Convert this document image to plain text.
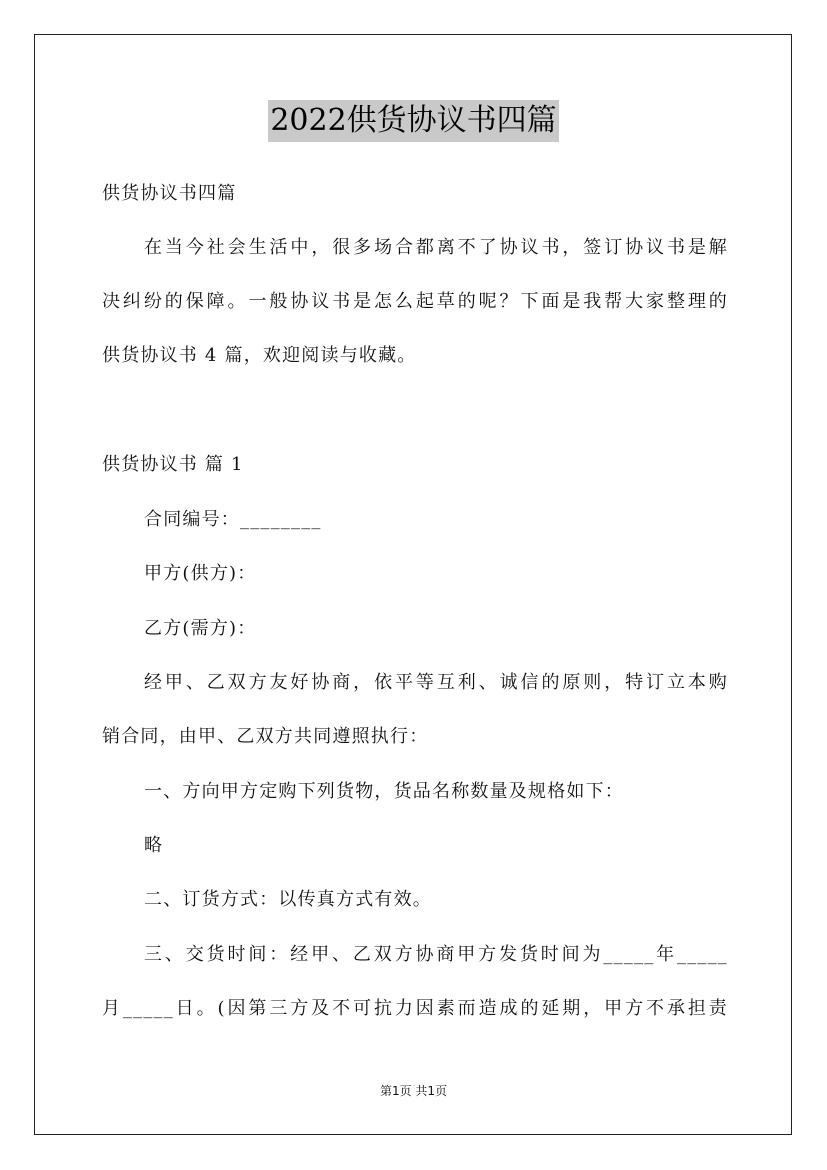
2022供货协议书四篇
供货协议书四篇
在当今社会生活中，很多场合都离不了协议书，签订协议书是解
决纠纷的保障。一般协议书是怎么起草的呢？下面是我帮大家整理的
供货协议书 4 篇，欢迎阅读与收藏。
供货协议书 篇 1
合同编号：________
甲方(供方)：
乙方(需方)：
经甲、乙双方友好协商，依平等互利、诚信的原则，特订立本购
销合同，由甲、乙双方共同遵照执行：
一、方向甲方定购下列货物，货品名称数量及规格如下：
略
二、订货方式：以传真方式有效。
三、交货时间：经甲、乙双方协商甲方发货时间为_____年_____
月_____日。(因第三方及不可抗力因素而造成的延期，甲方不承担责
第1页 共1页
